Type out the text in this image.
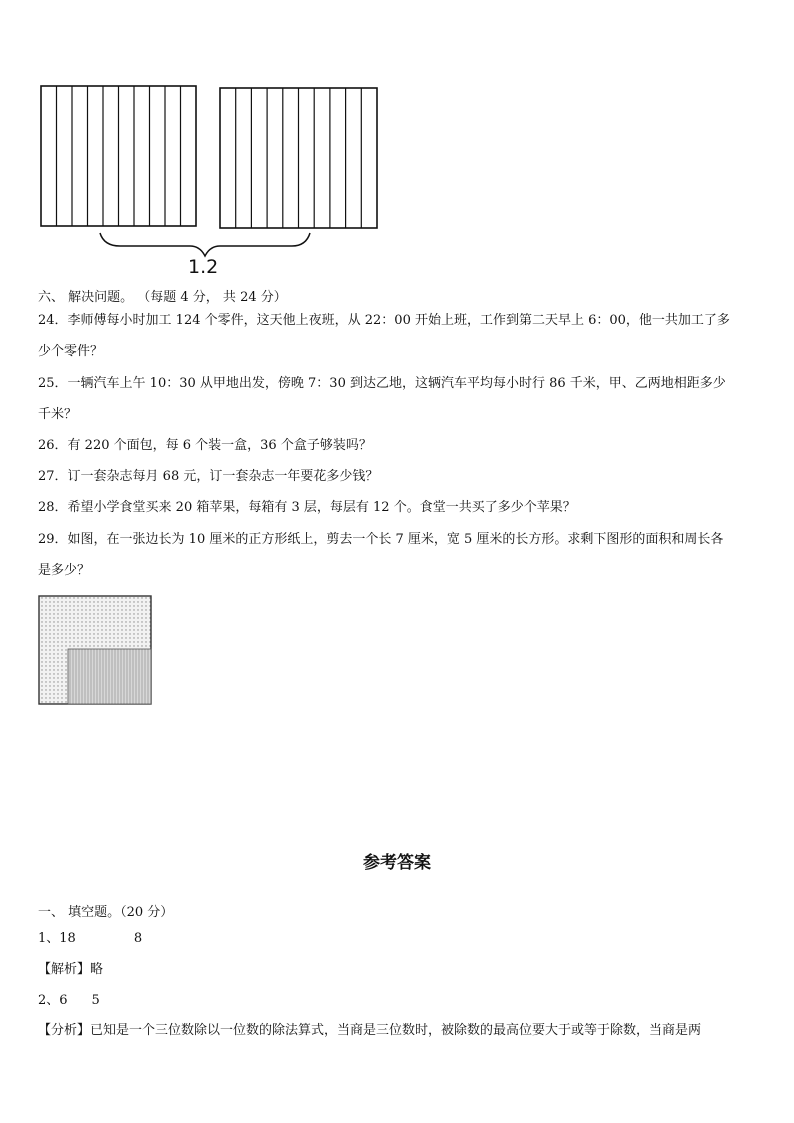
1.2
六、 解决问题。 （每题 4 分， 共 24 分）
24．李师傅每小时加工 124 个零件，这天他上夜班，从 22：00 开始上班，工作到第二天早上 6：00，他一共加工了多
少个零件？
25．一辆汽车上午 10：30 从甲地出发，傍晚 7：30 到达乙地，这辆汽车平均每小时行 86 千米，甲、乙两地相距多少
千米？
26．有 220 个面包，每 6 个装一盒，36 个盒子够装吗？
27．订一套杂志每月 68 元，订一套杂志一年要花多少钱？
28．希望小学食堂买来 20 箱苹果，每箱有 3 层，每层有 12 个。食堂一共买了多少个苹果？
29．如图，在一张边长为 10 厘米的正方形纸上，剪去一个长 7 厘米，宽 5 厘米的长方形。求剩下图形的面积和周长各
是多少？
参考答案
一、 填空题。（20 分）
1、18	8
【解析】略
2、6 5
【分析】已知是一个三位数除以一位数的除法算式，当商是三位数时，被除数的最高位要大于或等于除数，当商是两
